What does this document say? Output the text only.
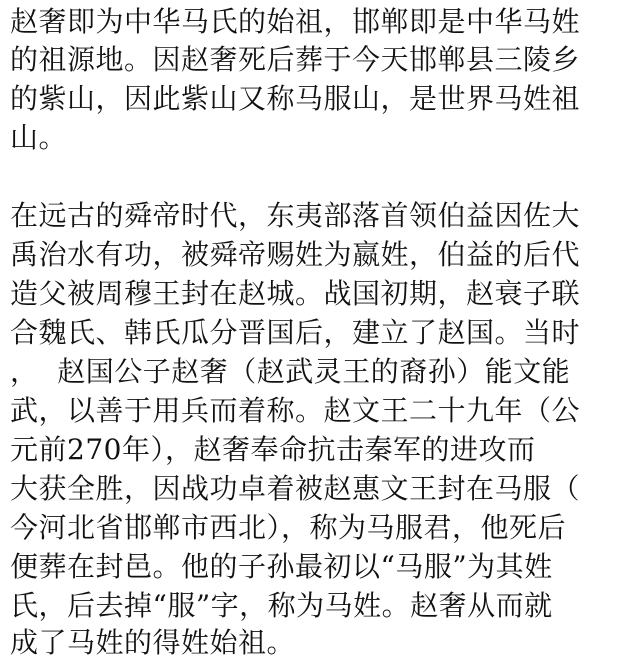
赵奢即为中华马氏的始祖，邯郸即是中华马姓
的祖源地。因赵奢死后葬于今天邯郸县三陵乡
的紫山，因此紫山又称马服山，是世界马姓祖
山。
在远古的舜帝时代，东夷部落首领伯益因佐大
禹治水有功，被舜帝赐姓为嬴姓，伯益的后代
造父被周穆王封在赵城。战国初期，赵衰子联
合魏氏、韩氏瓜分晋国后，建立了赵国。当时
，  赵国公子赵奢（赵武灵王的裔孙）能文能
武，以善于用兵而着称。赵文王二十九年（公
元前270年），赵奢奉命抗击秦军的进攻而
大获全胜，因战功卓着被赵惠文王封在马服（
今河北省邯郸市西北），称为马服君，他死后
便葬在封邑。他的子孙最初以“马服”为其姓
氏，后去掉“服”字，称为马姓。赵奢从而就
成了马姓的得姓始祖。
